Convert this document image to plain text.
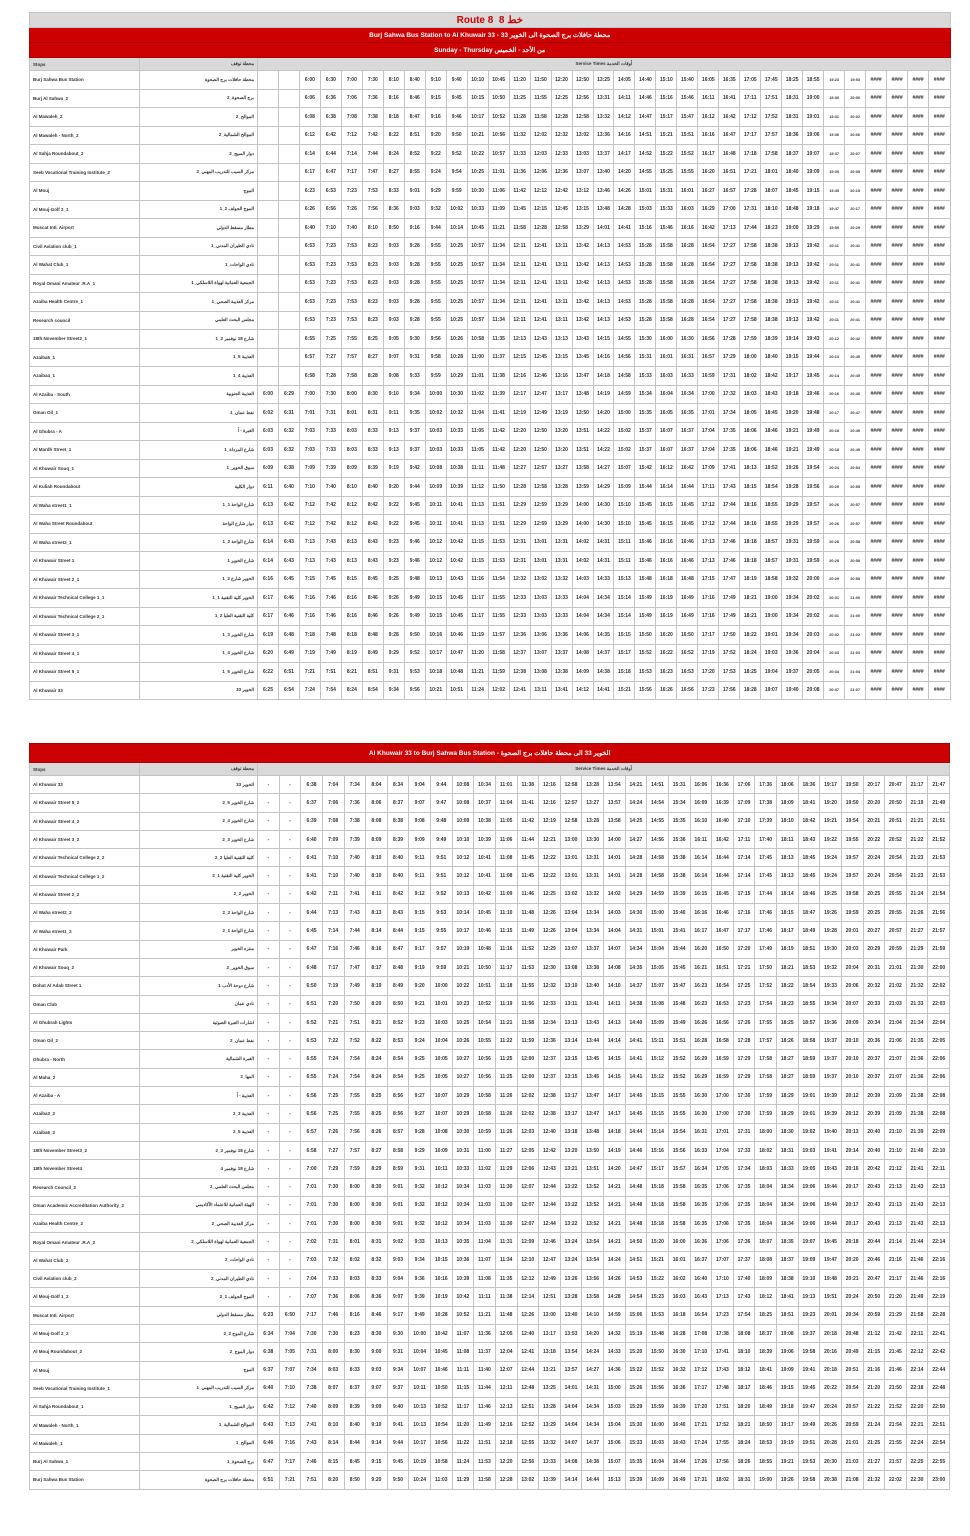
Route 8 خط 8																																		
Burj Sahwa Bus Station to Al Khuwair 33 - محطة حافلات برج الصحوة الى الخوير 33																																		
Sunday - Thursday من الأحد - الخميس																																		
Stops	محطة توقف	Service Times أوقات الخدمة																																
Burj Sahwa Bus Station	محطة حافلات برج الصحوة			6:00	6:30	7:00	7:30	8:10	8:40	9:10	9:40	10:10	10:45	11:20	11:50	12:20	12:50	13:25	14:05	14:40	15:10	15:40	16:05	16:35	17:05	17:45	18:25	18:55	19:23	19:53	####	####	####	####
Burj Al Sahwa_2	برج الصحوة_2			6:06	6:36	7:06	7:36	8:16	8:46	9:15	9:45	10:15	10:50	11:25	11:55	12:25	12:56	13:31	14:11	14:46	15:16	15:46	16:11	16:41	17:11	17:51	18:31	19:00	19:30	20:00	####	####	####	####
Al Mawaleh_2	الموالح_2			6:08	6:38	7:08	7:38	8:18	8:47	9:16	9:46	10:17	10:52	11:28	11:58	12:28	12:58	13:32	14:12	14:47	15:17	15:47	16:12	16:42	17:12	17:52	18:31	19:01	19:31	20:02	####	####	####	####
Al Mawaleh - North_2	الموالح الشمالية_2			6:12	6:42	7:12	7:42	8:22	8:51	9:20	9:50	10:21	10:56	11:32	12:02	12:32	13:02	13:36	14:16	14:51	15:21	15:51	16:16	16:47	17:17	17:57	18:36	19:06	19:36	20:06	####	####	####	####
Al Sahja Roundabout_2	دوار السيح_2			6:14	6:44	7:14	7:44	8:24	8:52	9:22	9:52	10:22	10:57	11:33	12:03	12:33	13:03	13:37	14:17	14:52	15:22	15:52	16:17	16:48	17:18	17:58	18:37	19:07	19:37	20:07	####	####	####	####
Seeb Vocational Training Institute_2	مركز السيب للتدريب المهني_2			6:17	6:47	7:17	7:47	8:27	8:55	9:24	9:54	10:25	11:01	11:36	12:06	12:36	13:07	13:40	14:20	14:55	15:25	15:55	16:20	16:51	17:21	18:01	18:40	19:09	19:39	20:09	####	####	####	####
Al Mouj	الموج			6:23	6:53	7:23	7:53	8:33	9:01	9:29	9:59	10:30	11:06	11:42	12:12	12:42	13:12	13:46	14:26	15:01	15:31	16:01	16:27	16:57	17:28	18:07	18:45	19:15	19:45	20:15	####	####	####	####
Al Mouj-Golf 2_1	الموج الجولف 2_1			6:26	6:56	7:26	7:56	8:36	9:03	9:32	10:02	10:33	11:09	11:45	12:15	12:45	13:15	13:48	14:28	15:03	15:33	16:03	16:29	17:00	17:31	18:10	18:48	19:18	19:47	20:17	####	####	####	####
Muscat Intl. Airport	مطار مسقط الدولي			6:40	7:10	7:40	8:10	8:50	9:16	9:44	10:14	10:45	11:21	11:58	12:28	12:58	13:29	14:01	14:41	15:16	15:46	16:16	16:42	17:13	17:44	18:23	19:00	19:29	19:59	20:29	####	####	####	####
Civil Aviation club_1	نادي الطيران المدني_1			6:53	7:23	7:53	8:23	9:03	9:28	9:55	10:25	10:57	11:34	12:11	12:41	13:11	13:42	14:13	14:53	15:28	15:58	16:28	16:54	17:27	17:58	18:38	19:13	19:42	20:11	20:41	####	####	####	####
Al Wahat Club_1	نادي الواحات_1			6:53	7:23	7:53	8:23	9:03	9:28	9:55	10:25	10:57	11:34	12:11	12:41	13:11	13:42	14:13	14:53	15:28	15:58	16:28	16:54	17:27	17:58	18:38	19:13	19:42	20:11	20:41	####	####	####	####
Royal Omani Amateur .R.A_1	الجمعية العمانية لهواة اللاسلكي_1			6:53	7:23	7:53	8:23	9:03	9:28	9:55	10:25	10:57	11:34	12:11	12:41	13:11	13:42	14:13	14:53	15:28	15:58	16:28	16:54	17:27	17:58	18:38	19:13	19:42	20:11	20:41	####	####	####	####
Azaiba Health Centre_1	مركز العذيبة الصحي_1			6:53	7:23	7:53	8:23	9:03	9:28	9:55	10:25	10:57	11:34	12:11	12:41	13:11	13:42	14:13	14:53	15:28	15:58	16:28	16:54	17:27	17:58	18:38	19:13	19:42	20:11	20:41	####	####	####	####
Research council	مجلس البحث العلمي			6:53	7:23	7:53	8:23	9:03	9:28	9:55	10:25	10:57	11:34	12:11	12:41	13:11	13:42	14:13	14:53	15:28	15:58	16:28	16:54	17:27	17:58	18:38	19:13	19:42	20:11	20:41	####	####	####	####
18th November Street2_1	شارع 18 نوفمبر 2_1			6:55	7:25	7:55	8:25	9:05	9:30	9:56	10:26	10:58	11:35	12:13	12:43	13:13	13:43	14:15	14:55	15:30	16:00	16:30	16:56	17:28	17:59	18:39	19:14	19:43	20:12	20:42	####	####	####	####
Azaiba5_1	العذيبة 5_1			6:57	7:27	7:57	8:27	9:07	9:31	9:58	10:28	11:00	11:37	12:15	12:45	13:15	13:45	14:16	14:56	15:31	16:01	16:31	16:57	17:29	18:00	18:40	19:15	19:44	20:13	20:45	####	####	####	####
Azaiba4_1	العذيبة 4_1			6:58	7:28	7:58	8:28	9:08	9:33	9:59	10:29	11:01	11:38	12:16	12:46	13:16	13:47	14:18	14:58	15:33	16:03	16:33	16:59	17:31	18:02	18:42	19:17	19:45	20:14	20:45	####	####	####	####
Al Azaiba - South	العذيبة الجنوبية	6:00	6:29	7:00	7:30	8:00	8:30	9:10	9:34	10:00	10:30	11:02	11:39	12:17	12:47	13:17	13:48	14:19	14:59	15:34	16:04	16:34	17:00	17:32	18:03	18:43	19:18	19:46	20:16	20:46	####	####	####	####
Oman Oil_1	نفط عمان_1	6:02	6:31	7:01	7:31	8:01	8:31	9:11	9:35	10:02	10:32	11:04	11:41	12:19	12:49	13:19	13:50	14:20	15:00	15:35	16:05	16:35	17:01	17:34	18:05	18:45	19:20	19:48	20:17	20:47	####	####	####	####
Al Ghubra - A	الغبرة - أ	6:03	6:32	7:03	7:33	8:03	8:33	9:13	9:37	10:03	10:33	11:05	11:42	12:20	12:50	13:20	13:51	14:22	15:02	15:37	16:07	16:37	17:04	17:35	18:06	18:46	19:21	19:49	20:18	20:49	####	####	####	####
Al Mardh Street_1	شارع المرداة_1	6:03	6:32	7:03	7:33	8:03	8:33	9:13	9:37	10:03	10:33	11:05	11:42	12:20	12:50	13:20	13:51	14:22	15:02	15:37	16:07	16:37	17:04	17:35	18:06	18:46	19:21	19:49	20:18	20:49	####	####	####	####
Al Khuwair Souq_1	سوق الخوير_1	6:09	6:38	7:09	7:39	8:09	8:39	9:19	9:42	10:08	10:38	11:11	11:48	12:27	12:57	13:27	13:58	14:27	15:07	15:42	16:12	16:42	17:09	17:41	18:13	18:52	19:26	19:54	20:24	20:54	####	####	####	####
Al Kuliah Roundabout	دوار الكلية	6:11	6:40	7:10	7:40	8:10	8:40	9:20	9:44	10:09	10:39	11:12	11:50	12:28	12:58	13:28	13:59	14:29	15:09	15:44	16:14	16:44	17:11	17:43	18:15	18:54	19:28	19:56	20:25	20:55	####	####	####	####
Al Waha street1_1	شارع الواحة 1_1	6:13	6:42	7:12	7:42	8:12	8:42	9:22	9:45	10:11	10:41	11:13	11:51	12:29	12:59	13:29	14:00	14:30	15:10	15:45	16:15	16:45	17:12	17:44	18:16	18:55	19:29	19:57	20:26	20:57	####	####	####	####
Al Waha Street Roundabout	دوار شارع الواحة	6:13	6:42	7:12	7:42	8:12	8:42	9:22	9:45	10:11	10:41	11:13	11:51	12:29	12:59	13:29	14:00	14:30	15:10	15:45	16:15	16:45	17:12	17:44	18:16	18:55	19:29	19:57	20:26	20:57	####	####	####	####
Al Waha street2_1	شارع الواحة 2_1	6:14	6:43	7:13	7:43	8:13	8:43	9:23	9:46	10:12	10:42	11:15	11:53	12:31	13:01	13:31	14:02	14:31	15:11	15:46	16:16	16:46	17:13	17:46	18:18	18:57	19:31	19:59	20:28	20:58	####	####	####	####
Al Khuwair Street 1	شارع الخوير 1	6:14	6:43	7:13	7:43	8:13	8:43	9:23	9:46	10:12	10:42	11:15	11:53	12:31	13:01	13:31	14:02	14:31	15:11	15:46	16:16	16:46	17:13	17:46	18:18	18:57	19:31	19:59	20:28	20:58	####	####	####	####
Al Khuwair Street 2_1	الخوير شارع 2_1	6:16	6:45	7:15	7:45	8:15	8:45	9:25	9:48	10:13	10:43	11:16	11:54	12:32	13:02	13:32	14:03	14:33	15:13	15:48	16:18	16:48	17:15	17:47	18:19	18:58	19:32	20:00	20:29	20:59	####	####	####	####
Al Khuwair Technical College 1_1	الخوير كلية التقنية 1_1	6:17	6:46	7:16	7:46	8:16	8:46	9:26	9:49	10:15	10:45	11:17	11:55	12:33	13:03	13:33	14:04	14:34	15:14	15:49	16:19	16:49	17:16	17:49	18:21	19:00	19:34	20:02	20:31	21:00	####	####	####	####
Al Khuwair Technical College 2_1	كلية التقنية العليا 2_1	6:17	6:46	7:16	7:46	8:16	8:46	9:26	9:49	10:15	10:45	11:17	11:55	12:33	13:03	13:33	14:04	14:34	15:14	15:49	16:19	16:49	17:16	17:49	18:21	19:00	19:34	20:02	20:31	21:00	####	####	####	####
Al Khuwair Street 3_1	شارع الخوير 3_1	6:19	6:48	7:18	7:48	8:18	8:48	9:28	9:50	10:16	10:46	11:19	11:57	12:36	13:06	13:36	14:06	14:35	15:15	15:50	16:20	16:50	17:17	17:50	18:22	19:01	19:34	20:03	20:32	21:02	####	####	####	####
Al Khuwair Street 4_1	شارع الخوير 4_1	6:20	6:49	7:19	7:49	8:19	8:49	9:29	9:52	10:17	10:47	11:20	11:58	12:37	13:07	13:37	14:08	14:37	15:17	15:52	16:22	16:52	17:19	17:52	18:24	19:03	19:36	20:04	20:33	21:03	####	####	####	####
Al Khuwair Street 5_1	شارع الخوير 5_1	6:22	6:51	7:21	7:51	8:21	8:51	9:31	9:53	10:18	10:48	11:21	11:59	12:38	13:08	13:38	14:09	14:38	15:18	15:53	16:23	16:53	17:20	17:53	18:25	19:04	19:37	20:05	20:34	21:04	####	####	####	####
Al Khuwair 33	الخوير 33	6:25	6:54	7:24	7:54	8:24	8:54	9:34	9:56	10:21	10:51	11:24	12:02	12:41	13:11	13:41	14:12	14:41	15:21	15:56	16:26	16:56	17:23	17:56	18:28	19:07	19:40	20:08	20:37	21:07	####	####	####	####
Al Khuwair 33 to Burj Sahwa Bus Station - الخوير 33 الى محطة حافلات برج الصحوة																																	
Stops	محطة توقف	Service Times أوقات الخدمة																															
Al Khuwair 33	الخوير 33	-	-	6:38	7:04	7:34	8:04	8:34	9:04	9:44	10:08	10:34	11:01	11:38	12:16	12:58	13:28	13:54	14:21	14:51	15:31	16:06	16:36	17:06	17:36	18:06	18:36	19:17	19:50	20:17	20:47	21:17	21:47
Al Khuwair Street 5_2	شارع الخوير 5_2	-	-	6:37	7:06	7:36	8:06	8:37	9:07	9:47	10:08	10:37	11:04	11:41	12:16	12:57	13:27	13:57	14:24	14:54	15:34	16:09	16:39	17:09	17:38	18:09	18:41	19:20	19:50	20:20	20:50	21:19	21:49
Al Khuwair Street 4_2	شارع الخوير 4_2	-	-	6:39	7:08	7:38	8:08	8:38	9:08	9:48	10:09	10:38	11:05	11:42	12:19	12:58	13:28	13:58	14:25	14:55	15:35	16:10	16:40	17:10	17:39	18:10	18:42	19:21	19:54	20:21	20:51	21:21	21:51
Al Khuwair Street 3_2	شارع الخوير 3_2	-	-	6:40	7:09	7:39	8:09	8:39	9:09	9:49	10:10	10:39	11:06	11:44	12:21	13:00	13:30	14:00	14:27	14:56	15:36	16:11	16:42	17:11	17:40	18:11	18:43	19:22	19:55	20:22	20:52	21:22	21:52
Al Khuwair Technical College 2_2	كلية التقنية العليا 2_2	-	-	6:41	7:10	7:40	8:10	8:40	9:11	9:51	10:12	10:41	11:08	11:45	12:22	13:01	13:31	14:01	14:28	14:58	15:38	16:14	16:44	17:14	17:45	18:13	18:45	19:24	19:57	20:24	20:54	21:23	21:53
Al Khuwair Technical College 1_2	الخوير كلية التقنية 1_2	-	-	6:41	7:10	7:40	8:10	8:40	9:11	9:51	10:12	10:41	11:08	11:45	12:22	13:01	13:31	14:01	14:28	14:58	15:38	16:14	16:44	17:14	17:45	18:13	18:45	19:24	19:57	20:24	20:54	21:23	21:53
Al Khuwair Street 2_2	الخوير 2_2	-	-	6:42	7:11	7:41	8:11	8:42	9:12	9:52	10:13	10:42	11:09	11:46	12:25	13:02	13:32	14:02	14:29	14:59	15:39	16:15	16:45	17:15	17:44	18:14	18:46	19:25	19:58	20:25	20:55	21:24	21:54
Al Waha street2_2	شارع الواحة 2_2	-	-	6:44	7:13	7:43	8:13	8:43	9:15	9:53	10:14	10:45	11:10	11:48	12:26	13:04	13:34	14:03	14:30	15:00	15:40	16:16	16:46	17:16	17:46	18:15	18:47	19:26	19:59	20:25	20:55	21:26	21:56
Al Waha street1_2	شارع الواحة 1_2	-	-	6:45	7:14	7:44	8:14	8:44	9:15	9:55	10:17	10:46	11:15	11:49	12:26	13:04	13:34	14:04	14:31	15:01	15:41	16:17	16:47	17:17	17:46	18:17	18:49	19:28	20:01	20:27	20:57	21:27	21:57
Al Khuwair Park	منتزه الخوير	-	-	6:47	7:16	7:46	8:16	8:47	9:17	9:57	10:19	10:48	11:16	11:52	12:29	13:07	13:37	14:07	14:34	15:04	15:44	16:20	16:50	17:20	17:49	18:19	18:51	19:30	20:03	20:29	20:59	21:29	21:59
Al Khuwair Souq_2	سوق الخوير_2	-	-	6:48	7:17	7:47	8:17	8:48	9:19	9:59	10:21	10:50	11:17	11:53	12:30	13:08	13:38	14:08	14:35	15:05	15:45	16:21	16:51	17:21	17:50	18:21	18:53	19:32	20:04	20:31	21:01	21:30	22:00
Dohat Al Adab Street 1	شارع دوحة الأدب 1	-	-	6:50	7:19	7:49	8:19	8:49	9:20	10:00	10:22	10:51	11:18	11:55	12:32	13:10	13:40	14:10	14:37	15:07	15:47	16:23	16:54	17:25	17:52	18:22	18:54	19:33	20:06	20:32	21:02	21:32	22:02
Oman Club	نادي عمان	-	-	6:51	7:20	7:50	8:20	8:50	9:21	10:01	10:23	10:52	11:19	11:56	12:33	13:11	13:41	14:11	14:38	15:08	15:48	16:23	16:53	17:23	17:54	18:23	18:55	19:34	20:07	20:33	21:03	21:33	22:03
Al Ghubrah Lights	اشارات الغبرة الضوئية	-	-	6:52	7:21	7:51	8:21	8:52	9:23	10:03	10:25	10:54	11:21	11:58	12:34	13:13	13:43	14:13	14:40	15:09	15:49	16:26	16:56	17:26	17:55	18:25	18:57	19:36	20:09	20:34	21:04	21:34	22:04
Oman Oil_2	نفط عمان_2	-	-	6:53	7:22	7:52	8:22	8:53	9:24	10:04	10:26	10:55	11:22	11:59	12:36	13:14	13:44	14:14	14:41	15:11	15:51	16:28	16:58	17:28	17:57	18:26	18:58	19:37	20:10	20:36	21:06	21:35	22:05
Ghubra - North	الغبرة الشمالية	-	-	6:55	7:24	7:54	8:24	8:54	9:25	10:05	10:27	10:56	11:25	12:00	12:37	13:15	13:45	14:15	14:41	15:12	15:52	16:29	16:59	17:29	17:58	18:27	18:59	19:37	20:10	20:37	21:07	21:36	22:06
Al Maha_2	المها_2	-	-	6:55	7:24	7:54	8:24	8:54	9:25	10:05	10:27	10:56	11:25	12:00	12:37	13:15	13:45	14:15	14:41	15:12	15:52	16:29	16:59	17:29	17:58	18:27	18:59	19:37	20:10	20:37	21:07	21:36	22:06
Al Azaiba - A	العذيبة - أ	-	-	6:56	7:25	7:55	8:25	8:56	9:27	10:07	10:29	10:58	11:26	12:02	12:38	13:17	13:47	14:17	14:45	15:15	15:55	16:30	17:00	17:30	17:59	18:29	19:01	19:39	20:12	20:39	21:09	21:38	22:08
Azaiba3_2	العذيبة 3_2	-	-	6:56	7:25	7:55	8:25	8:56	9:27	10:07	10:29	10:58	11:26	12:02	12:38	13:17	13:47	14:17	14:45	15:15	15:55	16:30	17:00	17:30	17:59	18:29	19:01	19:39	20:12	20:39	21:09	21:38	22:08
Azaiba5_2	العذيبة 5_2	-	-	6:57	7:26	7:56	8:26	8:57	9:28	10:08	10:30	10:59	11:26	12:03	12:40	13:18	13:48	14:18	14:44	15:14	15:54	16:31	17:01	17:31	18:00	18:30	19:02	19:40	20:13	20:40	21:10	21:39	22:09
18th November Street3_2	شارع 18 نوفمبر 3_2	-	-	6:58	7:27	7:57	8:27	8:58	9:29	10:09	10:31	11:00	11:27	12:05	12:42	13:20	13:50	14:19	14:46	15:16	15:56	16:33	17:04	17:33	18:02	18:31	19:03	19:41	20:14	20:40	21:10	21:40	22:10
18th November Street4	شارع 18 نوفمبر 4	-	-	7:00	7:29	7:59	8:29	8:59	9:31	10:11	10:33	11:02	11:29	12:06	12:43	13:21	13:51	14:20	14:47	15:17	15:57	16:34	17:05	17:34	18:03	18:33	19:05	19:43	20:16	20:42	21:12	21:41	22:11
Research Council_2	مجلس البحث العلمي_2	-	-	7:01	7:30	8:00	8:30	9:01	9:32	10:12	10:34	11:03	11:30	12:07	12:44	13:22	13:52	14:21	14:48	15:18	15:58	16:35	17:06	17:35	18:04	18:34	19:06	19:44	20:17	20:43	21:13	21:43	22:13
Oman Academic Accreditation Authority_2	الهيئة العمانية للاعتماد الأكاديمي	-	-	7:01	7:30	8:00	8:30	9:01	9:32	10:12	10:34	11:03	11:30	12:07	12:44	13:22	13:52	14:21	14:48	15:18	15:58	16:35	17:06	17:35	18:04	18:34	19:06	19:44	20:17	20:43	21:13	21:43	22:13
Azaiba Health Centre_2	مركز العذيبة الصحي_2	-	-	7:01	7:30	8:00	8:30	9:01	9:32	10:12	10:34	11:03	11:30	12:07	12:44	13:22	13:52	14:21	14:48	15:18	15:58	16:35	17:06	17:35	18:04	18:34	19:06	19:44	20:17	20:43	21:13	21:43	22:13
Royal Omani Amateur .R.A_2	الجمعية العمانية لهواة اللاسلكي_2	-	-	7:02	7:31	8:01	8:31	9:02	9:33	10:13	10:35	11:04	11:31	12:09	12:46	13:24	13:54	14:21	14:50	15:20	16:00	16:36	17:06	17:36	18:07	18:35	19:07	19:45	20:18	20:44	21:14	21:44	22:14
Al Wahat Club_2	نادي الواحات_2	-	-	7:03	7:32	8:02	8:32	9:03	9:34	10:15	10:36	11:07	11:34	12:10	12:47	13:24	13:54	14:24	14:51	15:21	16:01	16:37	17:07	17:37	18:08	18:37	19:09	19:47	20:20	20:46	21:16	21:46	22:16
Civil Aviation club_2	نادي الطيران المدني_2	-	-	7:04	7:33	8:03	8:33	9:04	9:36	10:16	10:39	11:08	11:35	12:12	12:49	13:26	13:56	14:26	14:53	15:22	16:02	16:40	17:10	17:40	18:09	18:38	19:10	19:48	20:21	20:47	21:17	21:46	22:16
Al Mouj-Golf 1_2	الموج الجولف 1_2	-	-	7:07	7:36	8:06	8:36	9:07	9:39	10:19	10:42	11:11	11:38	12:14	12:51	13:28	13:58	14:28	14:54	15:23	16:03	16:43	17:13	17:43	18:12	18:41	19:13	19:51	20:24	20:50	21:20	21:49	22:19
Muscat Intl. Airport	مطار مسقط الدولي	6:23	6:50	7:17	7:46	8:16	8:46	9:17	9:49	10:28	10:52	11:21	11:48	12:26	13:00	13:40	14:10	14:59	15:06	15:53	16:18	16:54	17:23	17:54	18:25	18:51	19:23	20:01	20:34	20:59	21:29	21:58	22:28
Al Mouj-Golf 2_2	شارع الموج 2_2	6:34	7:04	7:30	7:30	8:23	8:30	9:30	10:00	10:42	11:07	11:36	12:05	12:40	13:17	13:53	14:20	14:32	15:19	15:48	16:28	17:08	17:38	18:08	18:37	19:08	19:37	20:18	20:48	21:12	21:42	22:11	22:41
Al Mouj Roundabout_2	دوار الموج_2	6:38	7:05	7:31	8:00	8:30	9:00	9:31	10:04	10:45	11:08	11:37	12:04	12:41	13:18	13:54	14:24	14:33	15:20	15:50	16:30	17:10	17:41	18:10	18:39	19:06	19:58	20:16	20:49	21:15	21:45	22:12	22:42
Al Mouj	الموج	6:37	7:07	7:34	8:03	8:33	9:03	9:34	10:07	10:46	11:11	11:40	12:07	12:44	13:21	13:57	14:27	14:36	15:22	15:52	16:32	17:12	17:43	18:12	18:41	19:09	19:41	20:18	20:51	21:16	21:46	22:14	22:44
Seeb Vocational Training Institute_1	مركز السيب للتدريب المهني_1	6:40	7:10	7:38	8:07	8:37	9:07	9:37	10:11	10:50	11:15	11:44	12:11	12:48	13:25	14:01	14:31	15:00	15:26	15:56	16:36	17:17	17:48	18:17	18:46	19:15	19:45	20:22	20:54	21:20	21:50	22:18	22:48
Al Sahja Roundabout_1	دوار السيح_1	6:42	7:12	7:40	8:09	8:39	9:09	9:40	10:13	10:52	11:17	11:46	12:13	12:51	13:28	14:04	14:34	15:03	15:29	15:59	16:39	17:20	17:51	18:20	18:49	19:18	19:47	20:24	20:57	21:22	21:52	22:20	22:50
Al Mawaleh - North_1	الموالح الشمالية_1	6:43	7:13	7:41	8:10	8:40	9:10	9:41	10:13	10:54	11:20	11:49	12:16	12:52	13:29	14:04	14:34	15:04	15:30	16:00	16:40	17:21	17:52	18:21	18:50	19:17	19:49	20:26	20:59	21:24	21:54	22:21	22:51
Al Mawaleh_1	الموالح_1	6:46	7:16	7:43	8:14	8:44	9:14	9:44	10:17	10:56	11:22	11:51	12:18	12:55	13:32	14:07	14:37	15:06	15:33	16:03	16:43	17:24	17:55	18:24	18:53	19:19	19:51	20:28	21:01	21:25	21:55	22:24	22:54
Burj Al Sahwa_1	برج الصحوة_1	6:47	7:17	7:46	8:15	8:45	9:15	9:45	10:19	10:58	11:24	11:53	12:20	12:56	13:33	14:08	14:38	15:07	15:35	16:04	16:44	17:26	17:56	18:26	18:55	19:21	19:53	20:30	21:03	21:27	21:57	22:25	22:55
Burj Sahwa Bus Station	محطة حافلات برج الصحوة	6:51	7:21	7:51	8:20	8:50	9:20	9:50	10:24	11:03	11:29	11:58	12:28	13:02	13:39	14:14	14:44	15:13	15:39	16:09	16:49	17:31	18:02	18:31	19:00	19:26	19:58	20:38	21:08	21:32	22:02	22:30	23:00
